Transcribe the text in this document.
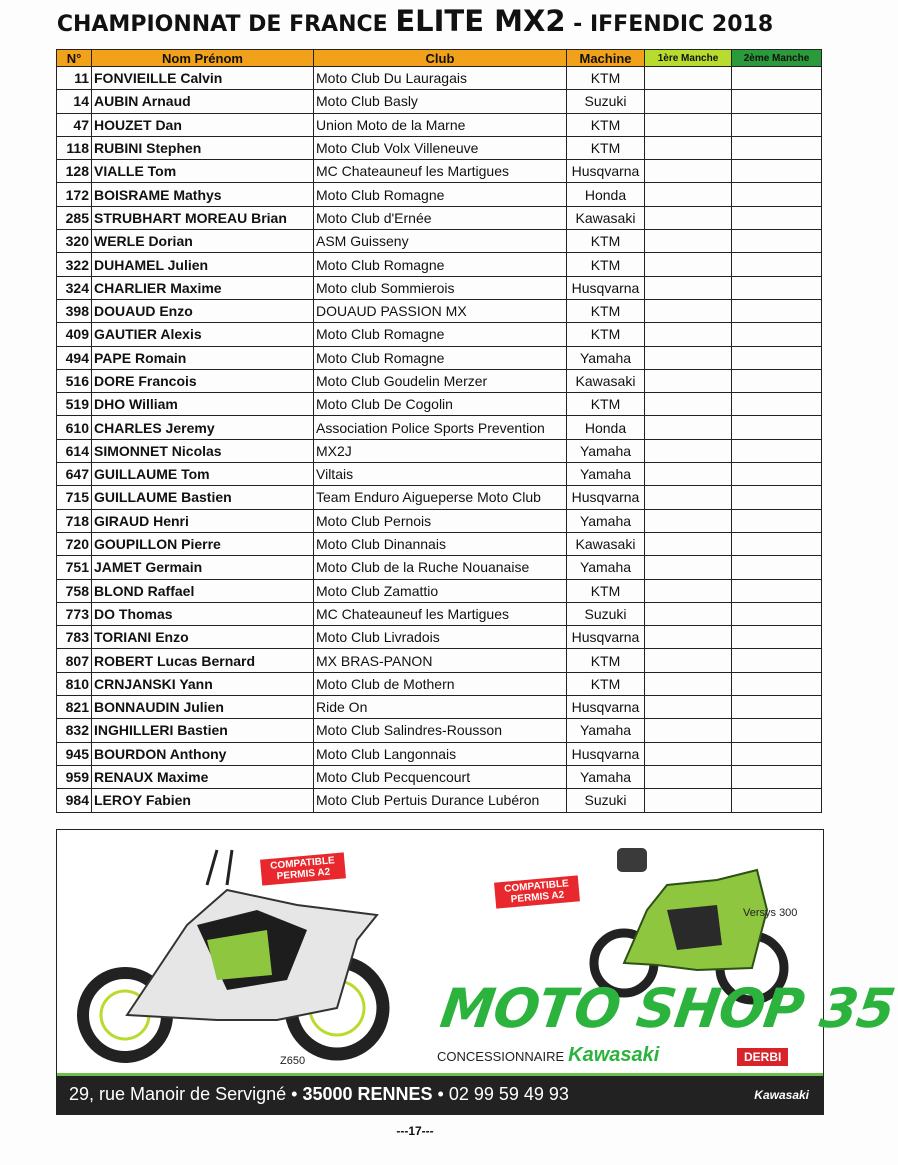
CHAMPIONNAT DE FRANCE ELITE MX2 - IFFENDIC 2018
N°	Nom Prénom	Club	Machine	1ère Manche	2ème Manche
11	FONVIEILLE Calvin	Moto Club Du Lauragais	KTM		
14	AUBIN Arnaud	Moto Club Basly	Suzuki		
47	HOUZET Dan	Union Moto de la Marne	KTM		
118	RUBINI Stephen	Moto Club Volx Villeneuve	KTM		
128	VIALLE Tom	MC Chateauneuf les Martigues	Husqvarna		
172	BOISRAME Mathys	Moto Club Romagne	Honda		
285	STRUBHART MOREAU Brian	Moto Club d'Ernée	Kawasaki		
320	WERLE Dorian	ASM Guisseny	KTM		
322	DUHAMEL Julien	Moto Club Romagne	KTM		
324	CHARLIER Maxime	Moto club Sommierois	Husqvarna		
398	DOUAUD Enzo	DOUAUD PASSION MX	KTM		
409	GAUTIER Alexis	Moto Club Romagne	KTM		
494	PAPE Romain	Moto Club Romagne	Yamaha		
516	DORE Francois	Moto Club Goudelin Merzer	Kawasaki		
519	DHO William	Moto Club De Cogolin	KTM		
610	CHARLES Jeremy	Association Police Sports Prevention	Honda		
614	SIMONNET Nicolas	MX2J	Yamaha		
647	GUILLAUME Tom	Viltais	Yamaha		
715	GUILLAUME Bastien	Team Enduro Aigueperse Moto Club	Husqvarna		
718	GIRAUD Henri	Moto Club Pernois	Yamaha		
720	GOUPILLON Pierre	Moto Club Dinannais	Kawasaki		
751	JAMET Germain	Moto Club de la Ruche Nouanaise	Yamaha		
758	BLOND Raffael	Moto Club Zamattio	KTM		
773	DO Thomas	MC Chateauneuf les Martigues	Suzuki		
783	TORIANI Enzo	Moto Club Livradois	Husqvarna		
807	ROBERT Lucas Bernard	MX BRAS-PANON	KTM		
810	CRNJANSKI Yann	Moto Club de Mothern	KTM		
821	BONNAUDIN Julien	Ride On	Husqvarna		
832	INGHILLERI Bastien	Moto Club Salindres-Rousson	Yamaha		
945	BOURDON Anthony	Moto Club Langonnais	Husqvarna		
959	RENAUX Maxime	Moto Club Pecquencourt	Yamaha		
984	LEROY Fabien	Moto Club Pertuis Durance Lubéron	Suzuki		
COMPATIBLE PERMIS A2
COMPATIBLE PERMIS A2
Z650
Versys 300
MOTO SHOP 35
CONCESSIONNAIRE Kawasaki	DERBI
29, rue Manoir de Servigné • 35000 RENNES • 02 99 59 49 93	Kawasaki
---17---
